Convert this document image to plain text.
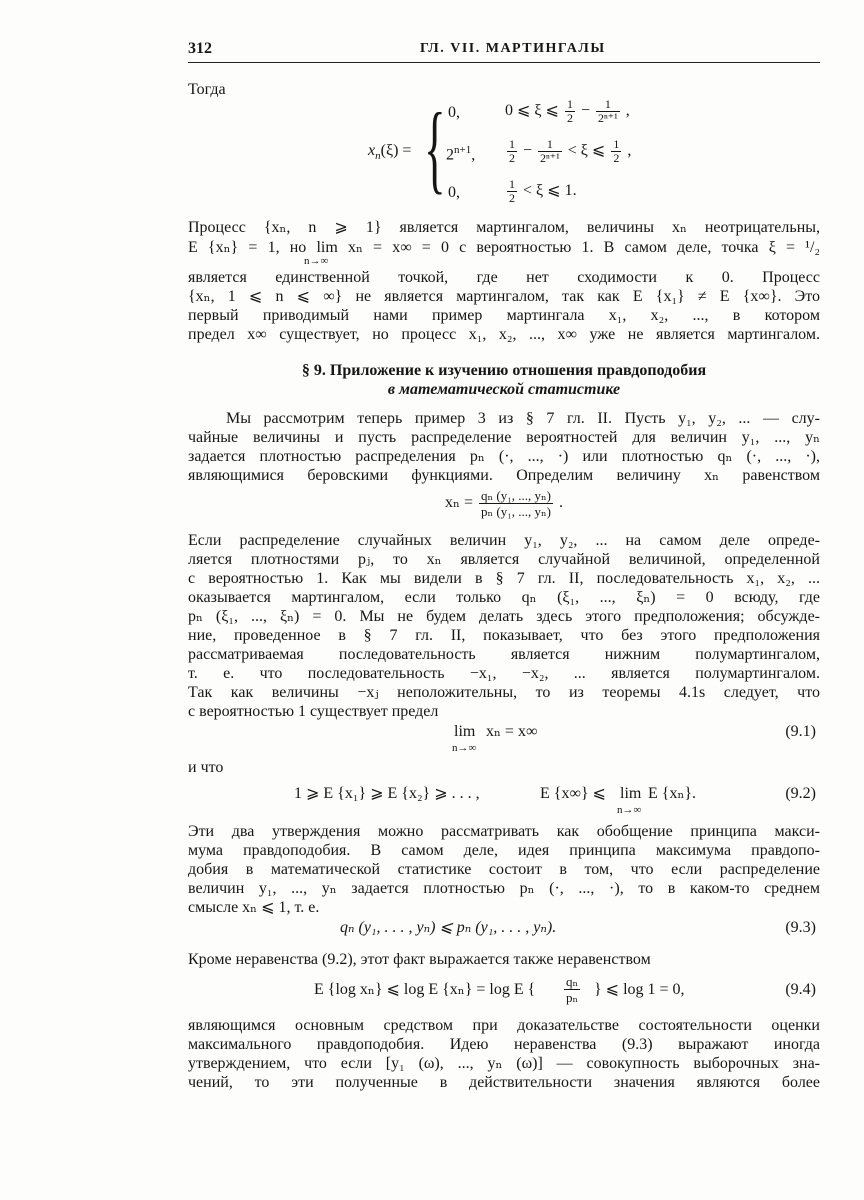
312	ГЛ. VII. МАРТИНГАЛЫ
Тогда
$x_n(\xi)$ = { 0,	0 ⩽ ξ ⩽ $\frac{1}{2} - \frac{1}{\text{2ⁿ⁺¹}}$ ,
$2^{n+1}$,	$\frac{1}{2} - \frac{1}{\text{2ⁿ⁺¹}} < \xi$ ⩽ $\frac{1}{2}$ ,
0,	$\frac{1}{2} < \xi$ ⩽ 1.
Процесс {xₙ, n ⩾ 1} является мартингалом, величины xₙ неотрицательны,
E {xₙ} = 1, но lim xₙ = x∞ = 0 с вероятностью 1. В самом деле, точка ξ = ¹/₂
n→∞
является единственной точкой, где нет сходимости к 0. Процесс
{xₙ, 1 ⩽ n ⩽ ∞} не является мартингалом, так как E {x₁} ≠ E {x∞}. Это
первый приводимый нами пример мартингала x₁, x₂, ..., в котором
предел x∞ существует, но процесс x₁, x₂, ..., x∞ уже не является мартингалом.
§ 9. Приложение к изучению отношения правдоподобия
в математической статистике
Мы рассмотрим теперь пример 3 из § 7 гл. II. Пусть y₁, y₂, ... — слу-
чайные величины и пусть распределение вероятностей для величин y₁, ..., yₙ
задается плотностью распределения pₙ (·, ..., ·) или плотностью qₙ (·, ..., ·),
являющимися беровскими функциями. Определим величину xₙ равенством
$x_n = \frac{\text{qₙ (y₁, ..., yₙ)}}{\text{pₙ (y₁, ..., yₙ)}}$ .
Если распределение случайных величин y₁, y₂, ... на самом деле опреде-
ляется плотностями pⱼ, то xₙ является случайной величиной, определенной
с вероятностью 1. Как мы видели в § 7 гл. II, последовательность x₁, x₂, ...
оказывается мартингалом, если только qₙ (ξ₁, ..., ξₙ) = 0 всюду, где
pₙ (ξ₁, ..., ξₙ) = 0. Мы не будем делать здесь этого предположения; обсужде-
ние, проведенное в § 7 гл. II, показывает, что без этого предположения
рассматриваемая последовательность является нижним полумартингалом,
т. е. что последовательность −x₁, −x₂, ... является полумартингалом.
Так как величины −xⱼ неположительны, то из теоремы 4.1s следует, что
с вероятностью 1 существует предел
lim
n→∞
xₙ = x∞	(9.1)
и что
1 ⩾ E {x₁} ⩾ E {x₂} ⩾ . . . ,	E {x∞} ⩽ lim
n→∞
E {xₙ}.	(9.2)
Эти два утверждения можно рассматривать как обобщение принципа макси-
мума правдоподобия. В самом деле, идея принципа максимума правдопо-
добия в математической статистике состоит в том, что если распределение
величин y₁, ..., yₙ задается плотностью pₙ (·, ..., ·), то в каком-то среднем
смысле xₙ ⩽ 1, т. е.
qₙ (y₁, . . . , yₙ) ⩽ pₙ (y₁, . . . , yₙ).	(9.3)
Кроме неравенства (9.2), этот факт выражается также неравенством
E {log xₙ} ⩽ log E {xₙ} = log E { $\frac{\text{qₙ}}{\text{pₙ}}$ } ⩽ log 1 = 0,	(9.4)
являющимся основным средством при доказательстве состоятельности оценки
максимального правдоподобия. Идею неравенства (9.3) выражают иногда
утверждением, что если [y₁ (ω), ..., yₙ (ω)] — совокупность выборочных зна-
чений, то эти полученные в действительности значения являются более
